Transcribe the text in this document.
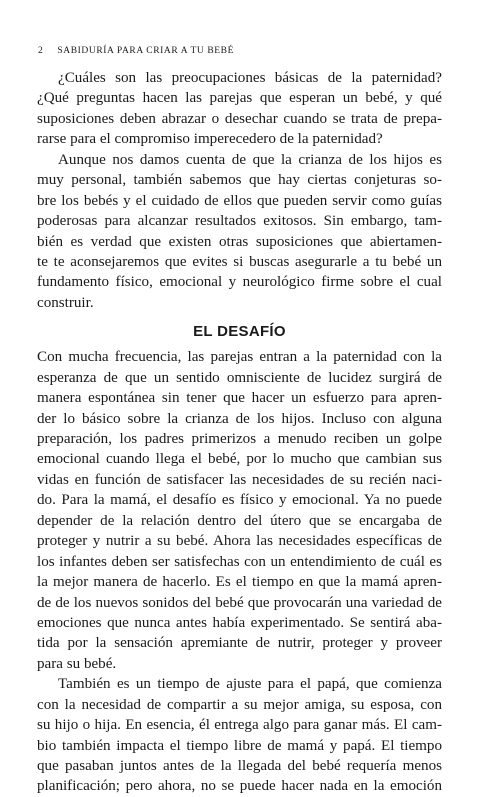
2 SABIDURÍA PARA CRIAR A TU BEBÉ
¿Cuáles son las preocupaciones básicas de la paternidad?
¿Qué preguntas hacen las parejas que esperan un bebé, y qué
suposiciones deben abrazar o desechar cuando se trata de prepa-
rarse para el compromiso imperecedero de la paternidad?
Aunque nos damos cuenta de que la crianza de los hijos es
muy personal, también sabemos que hay ciertas conjeturas so-
bre los bebés y el cuidado de ellos que pueden servir como guías
poderosas para alcanzar resultados exitosos. Sin embargo, tam-
bién es verdad que existen otras suposiciones que abiertamen-
te te aconsejaremos que evites si buscas asegurarle a tu bebé un
fundamento físico, emocional y neurológico firme sobre el cual
construir.
EL DESAFÍO
Con mucha frecuencia, las parejas entran a la paternidad con la
esperanza de que un sentido omnisciente de lucidez surgirá de
manera espontánea sin tener que hacer un esfuerzo para apren-
der lo básico sobre la crianza de los hijos. Incluso con alguna
preparación, los padres primerizos a menudo reciben un golpe
emocional cuando llega el bebé, por lo mucho que cambian sus
vidas en función de satisfacer las necesidades de su recién naci-
do. Para la mamá, el desafío es físico y emocional. Ya no puede
depender de la relación dentro del útero que se encargaba de
proteger y nutrir a su bebé. Ahora las necesidades específicas de
los infantes deben ser satisfechas con un entendimiento de cuál es
la mejor manera de hacerlo. Es el tiempo en que la mamá apren-
de de los nuevos sonidos del bebé que provocarán una variedad de
emociones que nunca antes había experimentado. Se sentirá aba-
tida por la sensación apremiante de nutrir, proteger y proveer
para su bebé.
También es un tiempo de ajuste para el papá, que comienza
con la necesidad de compartir a su mejor amiga, su esposa, con
su hijo o hija. En esencia, él entrega algo para ganar más. El cam-
bio también impacta el tiempo libre de mamá y papá. El tiempo
que pasaban juntos antes de la llegada del bebé requería menos
planificación; pero ahora, no se puede hacer nada en la emoción
